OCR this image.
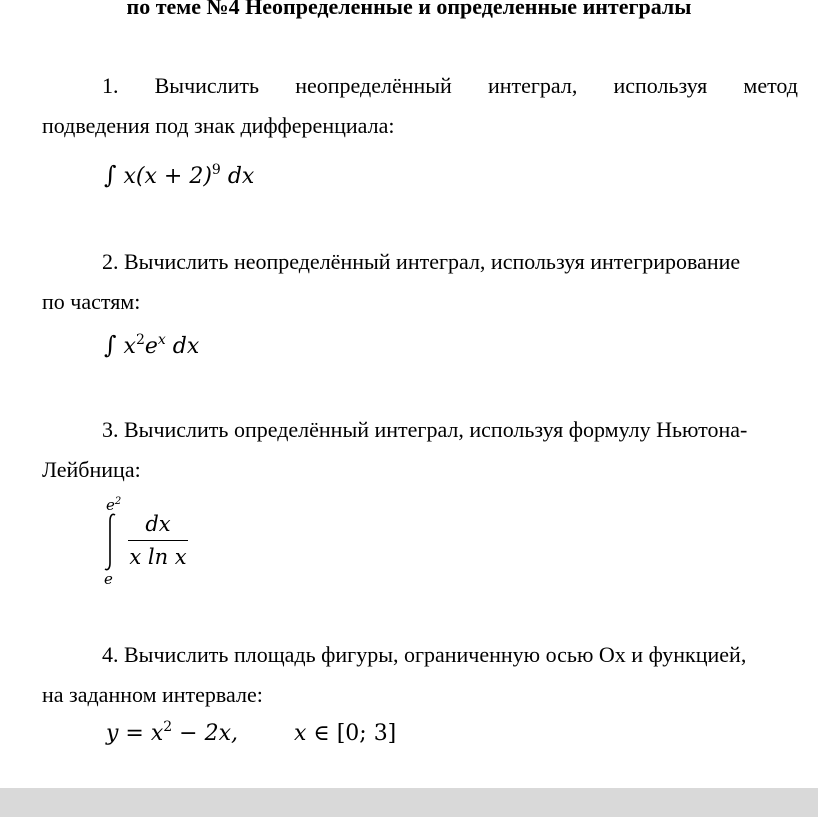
по теме №4 Неопределенные и определенные интегралы
1. Вычислить неопределённый интеграл, используя метод
подведения под знак дифференциала:
∫ $x(x + 2)^9$ dx
2. Вычислить неопределённый интеграл, используя интегрирование
по частям:
∫ $x^2e^x$ dx
3. Вычислить определённый интеграл, используя формулу Ньютона-
Лейбница:
$e^2$
e
dx
x ln x
4. Вычислить площадь фигуры, ограниченную осью Ох и функцией,
на заданном интервале:
$y = x^2 - 2x$,	x ∈ [0; 3]
